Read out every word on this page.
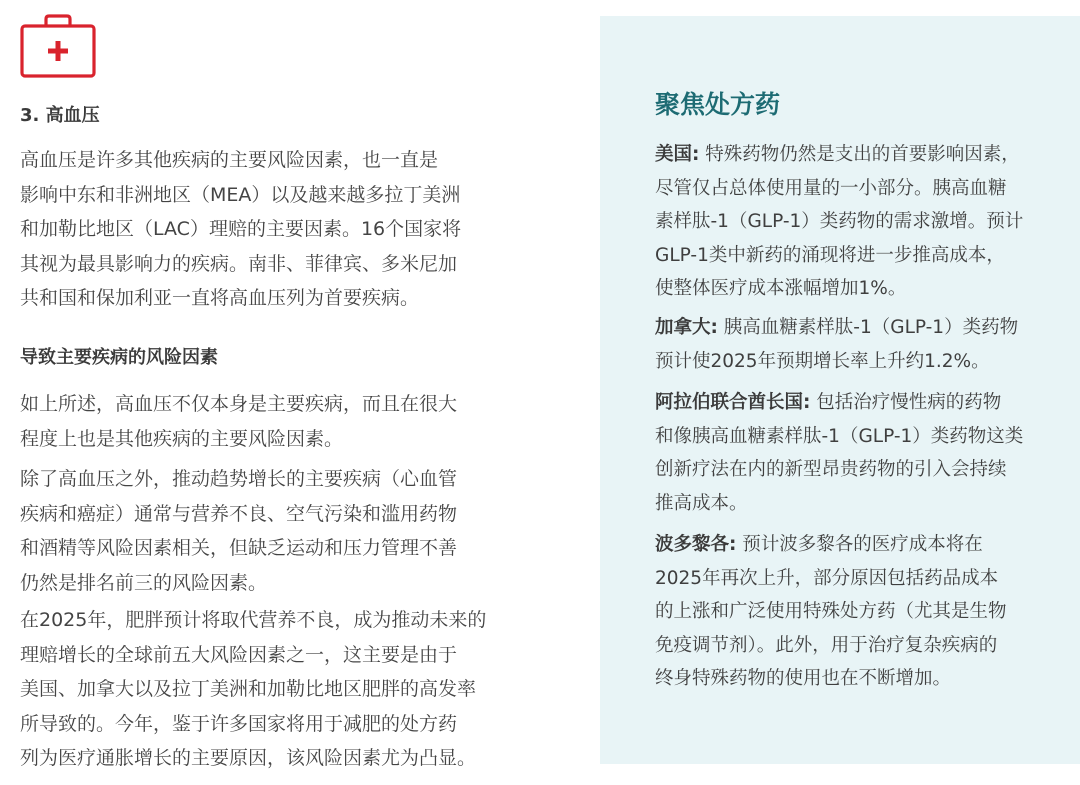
3. 高血压

高血压是许多其他疾病的主要风险因素，也一直是
影响中东和非洲地区（MEA）以及越来越多拉丁美洲
和加勒比地区（LAC）理赔的主要因素。16个国家将
其视为最具影响力的疾病。南非、菲律宾、多米尼加
共和国和保加利亚一直将高血压列为首要疾病。

导致主要疾病的风险因素

如上所述，高血压不仅本身是主要疾病，而且在很大
程度上也是其他疾病的主要风险因素。

除了高血压之外，推动趋势增长的主要疾病（心血管
疾病和癌症）通常与营养不良、空气污染和滥用药物
和酒精等风险因素相关，但缺乏运动和压力管理不善
仍然是排名前三的风险因素。

在2025年，肥胖预计将取代营养不良，成为推动未来的
理赔增长的全球前五大风险因素之一，这主要是由于
美国、加拿大以及拉丁美洲和加勒比地区肥胖的高发率
所导致的。今年，鉴于许多国家将用于减肥的处方药
列为医疗通胀增长的主要原因，该风险因素尤为凸显。

聚焦处方药

美国: 特殊药物仍然是支出的首要影响因素，
尽管仅占总体使用量的一小部分。胰高血糖
素样肽-1（GLP-1）类药物的需求激增。预计
GLP-1类中新药的涌现将进一步推高成本，
使整体医疗成本涨幅增加1%。

加拿大: 胰高血糖素样肽-1（GLP-1）类药物
预计使2025年预期增长率上升约1.2%。

阿拉伯联合酋长国: 包括治疗慢性病的药物
和像胰高血糖素样肽-1（GLP-1）类药物这类
创新疗法在内的新型昂贵药物的引入会持续
推高成本。

波多黎各: 预计波多黎各的医疗成本将在
2025年再次上升，部分原因包括药品成本
的上涨和广泛使用特殊处方药（尤其是生物
免疫调节剂）。此外，用于治疗复杂疾病的
终身特殊药物的使用也在不断增加。
